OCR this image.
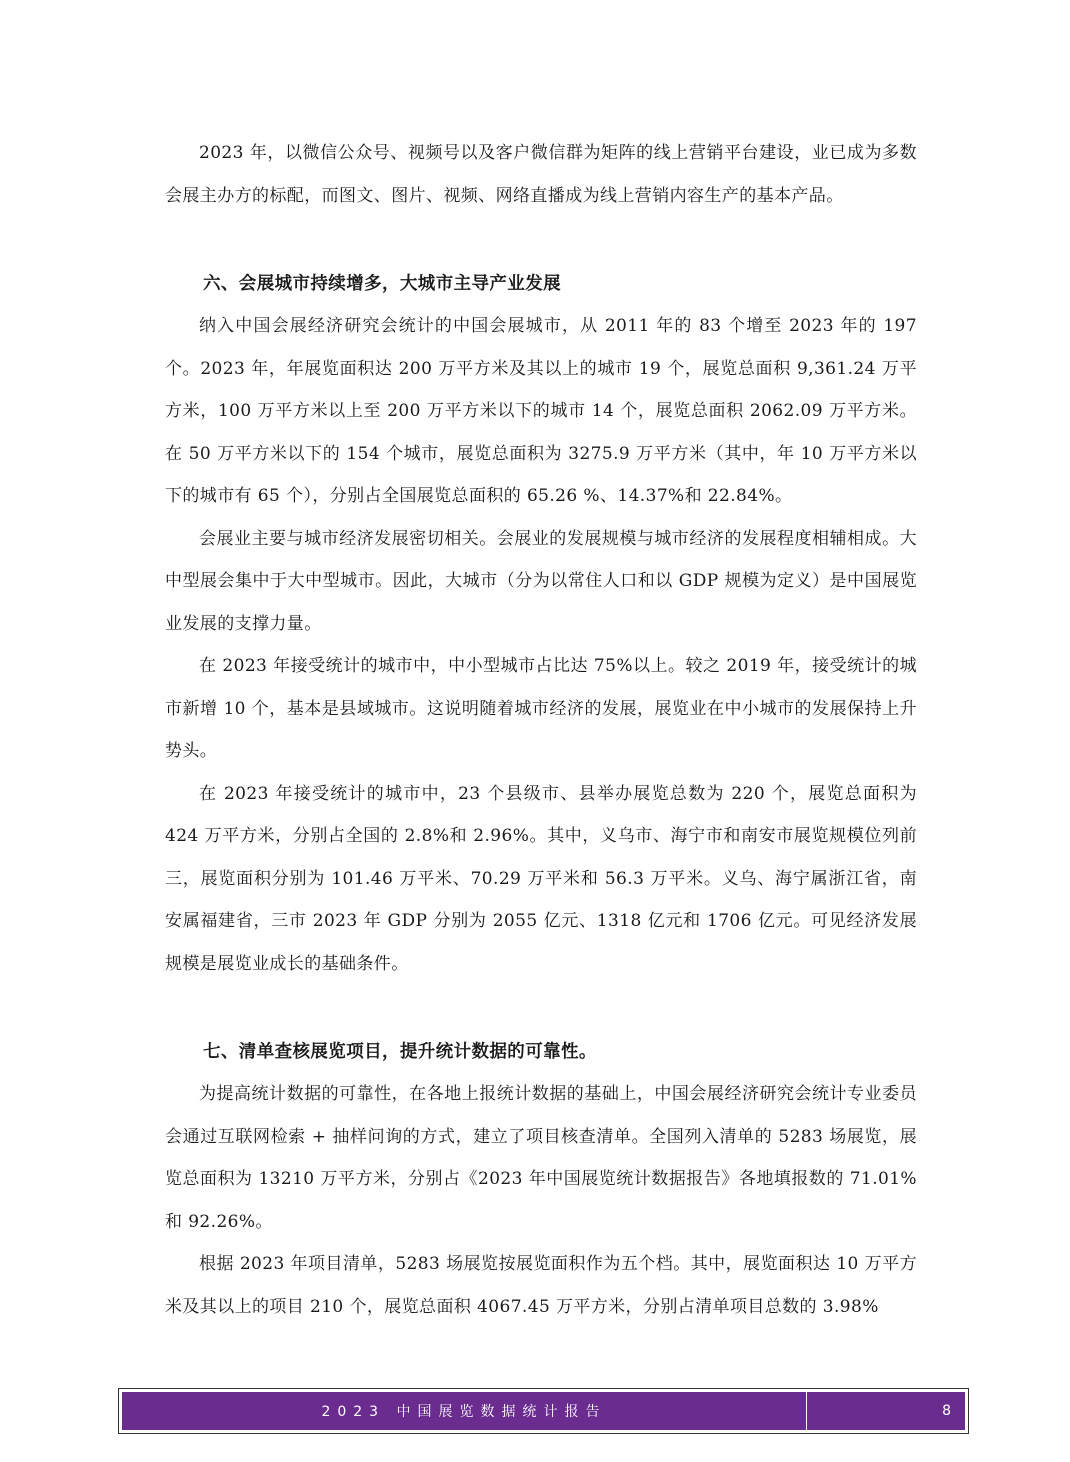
2023 年，以微信公众号、视频号以及客户微信群为矩阵的线上营销平台建设，业已成为多数会展主办方的标配，而图文、图片、视频、网络直播成为线上营销内容生产的基本产品。

六、会展城市持续增多，大城市主导产业发展

纳入中国会展经济研究会统计的中国会展城市，从 2011 年的 83 个增至 2023 年的 197 个。2023 年，年展览面积达 200 万平方米及其以上的城市 19 个，展览总面积 9,361.24 万平方米，100 万平方米以上至 200 万平方米以下的城市 14 个，展览总面积 2062.09 万平方米。在 50 万平方米以下的 154 个城市，展览总面积为 3275.9 万平方米（其中，年 10 万平方米以下的城市有 65 个），分别占全国展览总面积的 65.26 %、14.37%和 22.84%。

会展业主要与城市经济发展密切相关。会展业的发展规模与城市经济的发展程度相辅相成。大中型展会集中于大中型城市。因此，大城市（分为以常住人口和以 GDP 规模为定义）是中国展览业发展的支撑力量。

在 2023 年接受统计的城市中，中小型城市占比达 75%以上。较之 2019 年，接受统计的城市新增 10 个，基本是县域城市。这说明随着城市经济的发展，展览业在中小城市的发展保持上升势头。

在 2023 年接受统计的城市中，23 个县级市、县举办展览总数为 220 个，展览总面积为 424 万平方米，分别占全国的 2.8%和 2.96%。其中，义乌市、海宁市和南安市展览规模位列前三，展览面积分别为 101.46 万平米、70.29 万平米和 56.3 万平米。义乌、海宁属浙江省，南安属福建省，三市 2023 年 GDP 分别为 2055 亿元、1318 亿元和 1706 亿元。可见经济发展规模是展览业成长的基础条件。

七、清单查核展览项目，提升统计数据的可靠性。

为提高统计数据的可靠性，在各地上报统计数据的基础上，中国会展经济研究会统计专业委员会通过互联网检索 + 抽样问询的方式，建立了项目核查清单。全国列入清单的 5283 场展览，展览总面积为 13210 万平方米，分别占《2023 年中国展览统计数据报告》各地填报数的 71.01%和 92.26%。

根据 2023 年项目清单，5283 场展览按展览面积作为五个档。其中，展览面积达 10 万平方米及其以上的项目 210 个，展览总面积 4067.45 万平方米，分别占清单项目总数的 3.98%

2023 中国展览数据统计报告	8
